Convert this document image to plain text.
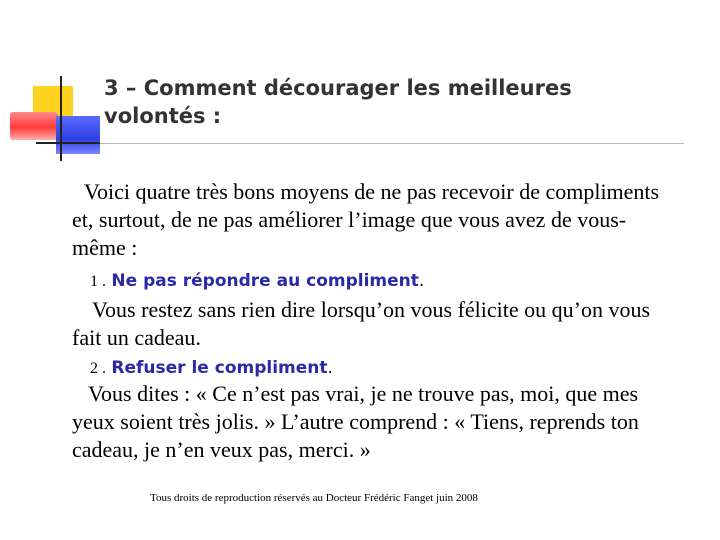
3 – Comment décourager les meilleures volontés :

Voici quatre très bons moyens de ne pas recevoir de compliments et, surtout, de ne pas améliorer l’image que vous avez de vous-même :

1 . Ne pas répondre au compliment.

Vous restez sans rien dire lorsqu’on vous félicite ou qu’on vous fait un cadeau.

2 . Refuser le compliment.

Vous dites : « Ce n’est pas vrai, je ne trouve pas, moi, que mes yeux soient très jolis. » L’autre comprend : « Tiens, reprends ton cadeau, je n’en veux pas, merci. »

Tous droits de reproduction réservés au Docteur Frédéric Fanget juin 2008
